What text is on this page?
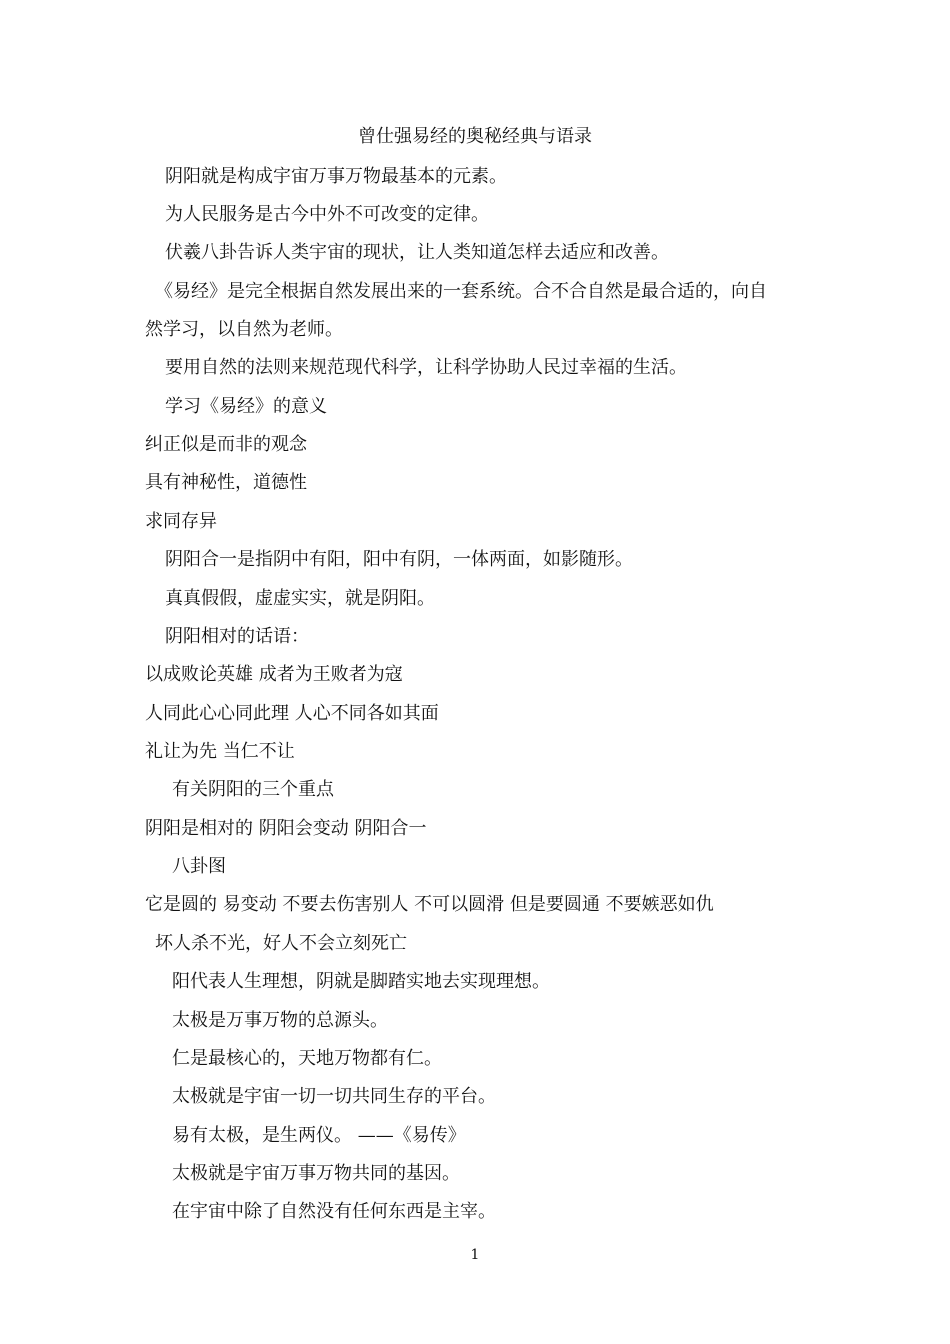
曾仕强易经的奥秘经典与语录

阴阳就是构成宇宙万事万物最基本的元素。

为人民服务是古今中外不可改变的定律。

伏羲八卦告诉人类宇宙的现状，让人类知道怎样去适应和改善。

《易经》是完全根据自然发展出来的一套系统。合不合自然是最合适的，向自

然学习，以自然为老师。

要用自然的法则来规范现代科学，让科学协助人民过幸福的生活。

学习《易经》的意义

纠正似是而非的观念

具有神秘性，道德性

求同存异

阴阳合一是指阴中有阳，阳中有阴，一体两面，如影随形。

真真假假，虚虚实实，就是阴阳。

阴阳相对的话语：

以成败论英雄 成者为王败者为寇

人同此心心同此理 人心不同各如其面

礼让为先 当仁不让

有关阴阳的三个重点

阴阳是相对的 阴阳会变动 阴阳合一

八卦图

它是圆的 易变动 不要去伤害别人 不可以圆滑 但是要圆通 不要嫉恶如仇

坏人杀不光，好人不会立刻死亡

阳代表人生理想，阴就是脚踏实地去实现理想。

太极是万事万物的总源头。

仁是最核心的，天地万物都有仁。

太极就是宇宙一切一切共同生存的平台。

易有太极，是生两仪。 ——《易传》

太极就是宇宙万事万物共同的基因。

在宇宙中除了自然没有任何东西是主宰。

1
